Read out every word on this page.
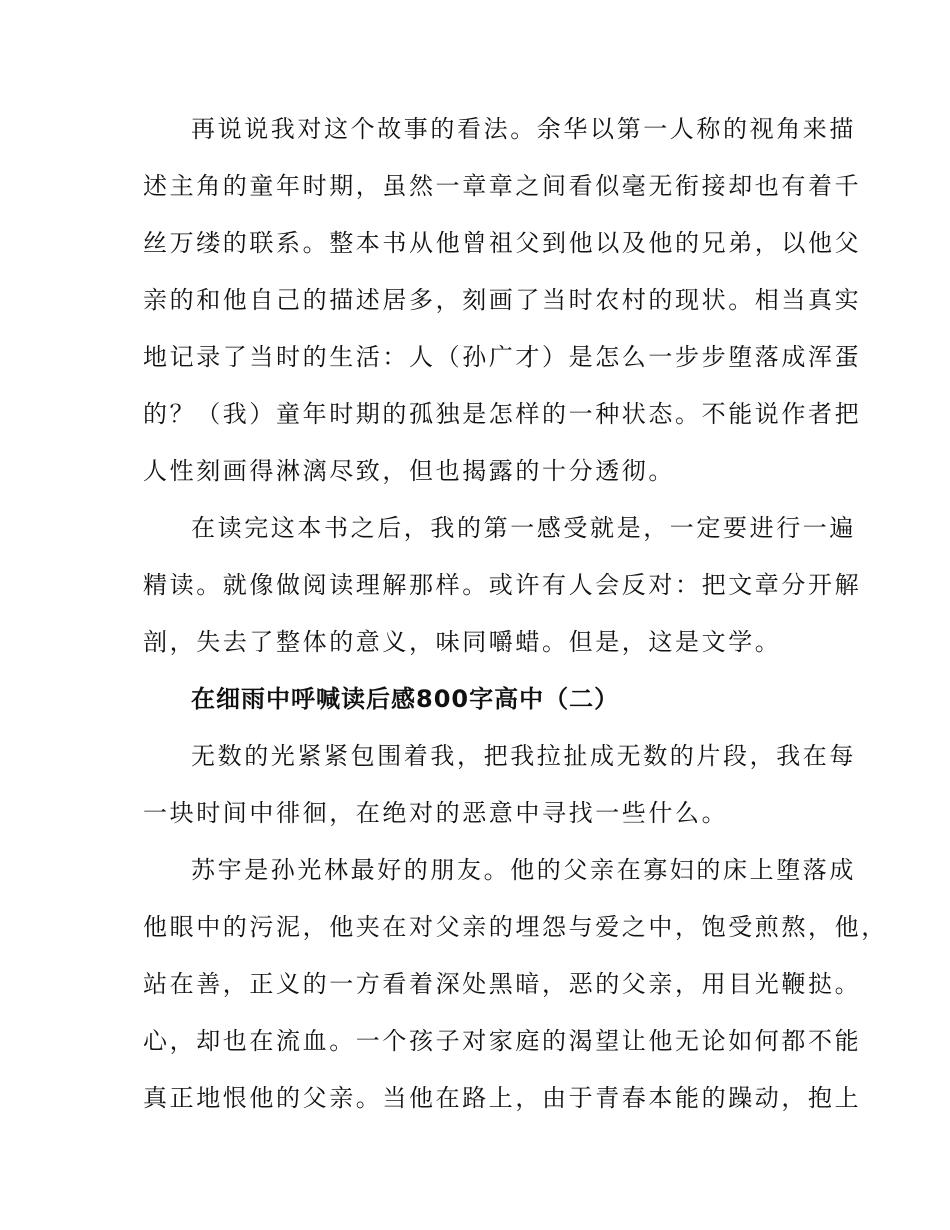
再说说我对这个故事的看法。余华以第一人称的视角来描
述主角的童年时期，虽然一章章之间看似毫无衔接却也有着千
丝万缕的联系。整本书从他曾祖父到他以及他的兄弟，以他父
亲的和他自己的描述居多，刻画了当时农村的现状。相当真实
地记录了当时的生活：人（孙广才）是怎么一步步堕落成浑蛋
的？（我）童年时期的孤独是怎样的一种状态。不能说作者把
人性刻画得淋漓尽致，但也揭露的十分透彻。
在读完这本书之后，我的第一感受就是，一定要进行一遍
精读。就像做阅读理解那样。或许有人会反对：把文章分开解
剖，失去了整体的意义，味同嚼蜡。但是，这是文学。
在细雨中呼喊读后感800字高中（二）
无数的光紧紧包围着我，把我拉扯成无数的片段，我在每
一块时间中徘徊，在绝对的恶意中寻找一些什么。
苏宇是孙光林最好的朋友。他的父亲在寡妇的床上堕落成
他眼中的污泥，他夹在对父亲的埋怨与爱之中，饱受煎熬，他，
站在善，正义的一方看着深处黑暗，恶的父亲，用目光鞭挞。
心，却也在流血。一个孩子对家庭的渴望让他无论如何都不能
真正地恨他的父亲。当他在路上，由于青春本能的躁动，抱上
